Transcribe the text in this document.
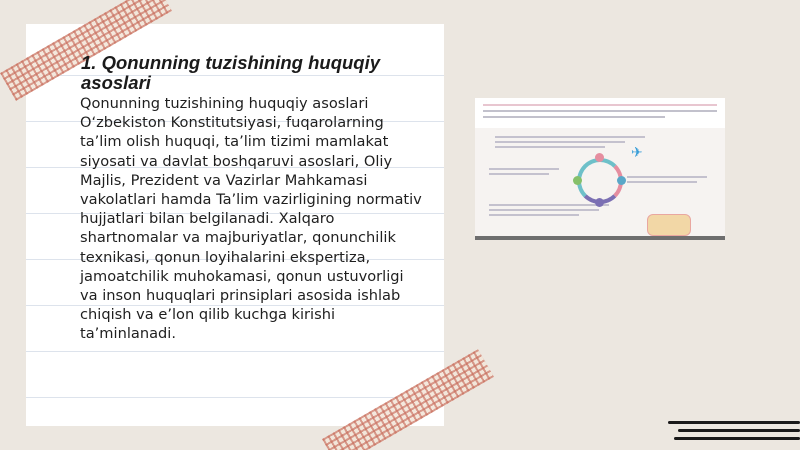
1. Qonunning tuzishining huquqiy asoslari
Qonunning tuzishining huquqiy asoslari O‘zbekiston Konstitutsiyasi, fuqarolarning ta’lim olish huquqi, ta’lim tizimi mamlakat siyosati va davlat boshqaruvi asoslari, Oliy Majlis, Prezident va Vazirlar Mahkamasi vakolatlari hamda Ta’lim vazirligining normativ hujjatlari bilan belgilanadi. Xalqaro shartnomalar va majburiyatlar, qonunchilik texnikasi, qonun loyihalarini ekspertiza, jamoatchilik muhokamasi, qonun ustuvorligi va inson huquqlari prinsiplari asosida ishlab chiqish va e’lon qilib kuchga kirishi ta’minlanadi.
✈
